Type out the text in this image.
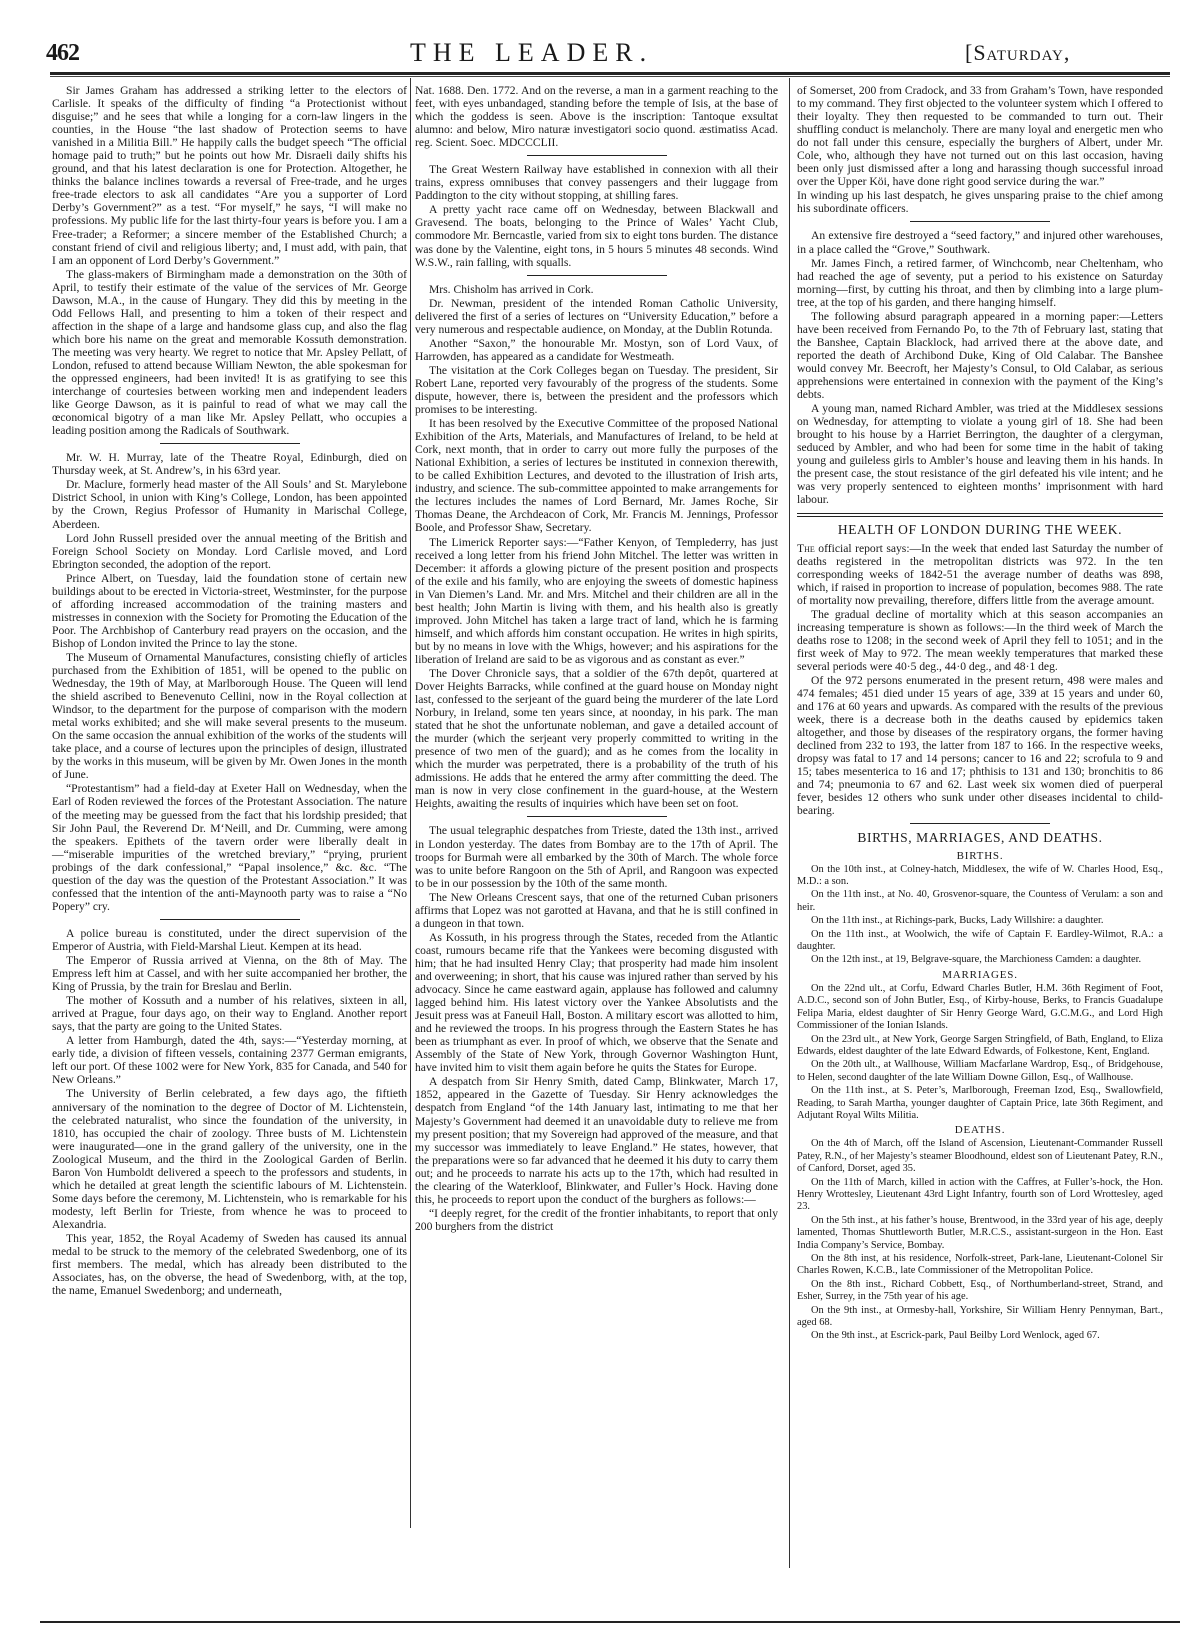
462	THE LEADER.	[Saturday,

Sir James Graham has addressed a striking letter to the electors of Carlisle. It speaks of the difficulty of finding “a Protectionist without disguise;” and he sees that while a longing for a corn-law lingers in the counties, in the House “the last shadow of Protection seems to have vanished in a Militia Bill.” He happily calls the budget speech “The official homage paid to truth;” but he points out how Mr. Disraeli daily shifts his ground, and that his latest declaration is one for Protection. Altogether, he thinks the balance inclines towards a reversal of Free-trade, and he urges free-trade electors to ask all candidates “Are you a supporter of Lord Derby’s Government?” as a test. “For myself,” he says, “I will make no professions. My public life for the last thirty-four years is before you. I am a Free-trader; a Reformer; a sincere member of the Established Church; a constant friend of civil and religious liberty; and, I must add, with pain, that I am an opponent of Lord Derby’s Government.”

The glass-makers of Birmingham made a demonstration on the 30th of April, to testify their estimate of the value of the services of Mr. George Dawson, M.A., in the cause of Hungary. They did this by meeting in the Odd Fellows Hall, and presenting to him a token of their respect and affection in the shape of a large and handsome glass cup, and also the flag which bore his name on the great and memorable Kossuth demonstration. The meeting was very hearty. We regret to notice that Mr. Apsley Pellatt, of London, refused to attend because William Newton, the able spokesman for the oppressed engineers, had been invited! It is as gratifying to see this interchange of courtesies between working men and independent leaders like George Dawson, as it is painful to read of what we may call the œconomical bigotry of a man like Mr. Apsley Pellatt, who occupies a leading position among the Radicals of Southwark.

Mr. W. H. Murray, late of the Theatre Royal, Edinburgh, died on Thursday week, at St. Andrew’s, in his 63rd year.

Dr. Maclure, formerly head master of the All Souls’ and St. Marylebone District School, in union with King’s College, London, has been appointed by the Crown, Regius Professor of Humanity in Marischal College, Aberdeen.

Lord John Russell presided over the annual meeting of the British and Foreign School Society on Monday. Lord Carlisle moved, and Lord Ebrington seconded, the adoption of the report.

Prince Albert, on Tuesday, laid the foundation stone of certain new buildings about to be erected in Victoria-street, Westminster, for the purpose of affording increased accommodation of the training masters and mistresses in connexion with the Society for Promoting the Education of the Poor. The Archbishop of Canterbury read prayers on the occasion, and the Bishop of London invited the Prince to lay the stone.

The Museum of Ornamental Manufactures, consisting chiefly of articles purchased from the Exhibition of 1851, will be opened to the public on Wednesday, the 19th of May, at Marlborough House. The Queen will lend the shield ascribed to Benevenuto Cellini, now in the Royal collection at Windsor, to the department for the purpose of comparison with the modern metal works exhibited; and she will make several presents to the museum. On the same occasion the annual exhibition of the works of the students will take place, and a course of lectures upon the principles of design, illustrated by the works in this museum, will be given by Mr. Owen Jones in the month of June.

“Protestantism” had a field-day at Exeter Hall on Wednesday, when the Earl of Roden reviewed the forces of the Protestant Association. The nature of the meeting may be guessed from the fact that his lordship presided; that Sir John Paul, the Reverend Dr. M‘Neill, and Dr. Cumming, were among the speakers. Epithets of the tavern order were liberally dealt in—“miserable impurities of the wretched breviary,” “prying, prurient probings of the dark confessional,” “Papal insolence,” &c. &c. “The question of the day was the question of the Protestant Association.” It was confessed that the intention of the anti-Maynooth party was to raise a “No Popery” cry.

A police bureau is constituted, under the direct supervision of the Emperor of Austria, with Field-Marshal Lieut. Kempen at its head.

The Emperor of Russia arrived at Vienna, on the 8th of May. The Empress left him at Cassel, and with her suite accompanied her brother, the King of Prussia, by the train for Breslau and Berlin.

The mother of Kossuth and a number of his relatives, sixteen in all, arrived at Prague, four days ago, on their way to England. Another report says, that the party are going to the United States.

A letter from Hamburgh, dated the 4th, says:—“Yesterday morning, at early tide, a division of fifteen vessels, containing 2377 German emigrants, left our port. Of these 1002 were for New York, 835 for Canada, and 540 for New Orleans.”

The University of Berlin celebrated, a few days ago, the fiftieth anniversary of the nomination to the degree of Doctor of M. Lichtenstein, the celebrated naturalist, who since the foundation of the university, in 1810, has occupied the chair of zoology. Three busts of M. Lichtenstein were inaugurated—one in the grand gallery of the university, one in the Zoological Museum, and the third in the Zoological Garden of Berlin. Baron Von Humboldt delivered a speech to the professors and students, in which he detailed at great length the scientific labours of M. Lichtenstein. Some days before the ceremony, M. Lichtenstein, who is remarkable for his modesty, left Berlin for Trieste, from whence he was to proceed to Alexandria.

This year, 1852, the Royal Academy of Sweden has caused its annual medal to be struck to the memory of the celebrated Swedenborg, one of its first members. The medal, which has already been distributed to the Associates, has, on the obverse, the head of Swedenborg, with, at the top, the name, Emanuel Swedenborg; and underneath,

Nat. 1688. Den. 1772. And on the reverse, a man in a garment reaching to the feet, with eyes unbandaged, standing before the temple of Isis, at the base of which the goddess is seen. Above is the inscription: Tantoque exsultat alumno: and below, Miro naturæ investigatori socio quond. æstimatiss Acad. reg. Scient. Soec. MDCCCLII.

The Great Western Railway have established in connexion with all their trains, express omnibuses that convey passengers and their luggage from Paddington to the city without stopping, at shilling fares.

A pretty yacht race came off on Wednesday, between Blackwall and Gravesend. The boats, belonging to the Prince of Wales’ Yacht Club, commodore Mr. Berncastle, varied from six to eight tons burden. The distance was done by the Valentine, eight tons, in 5 hours 5 minutes 48 seconds. Wind W.S.W., rain falling, with squalls.

Mrs. Chisholm has arrived in Cork.

Dr. Newman, president of the intended Roman Catholic University, delivered the first of a series of lectures on “University Education,” before a very numerous and respectable audience, on Monday, at the Dublin Rotunda.

Another “Saxon,” the honourable Mr. Mostyn, son of Lord Vaux, of Harrowden, has appeared as a candidate for Westmeath.

The visitation at the Cork Colleges began on Tuesday. The president, Sir Robert Lane, reported very favourably of the progress of the students. Some dispute, however, there is, between the president and the professors which promises to be interesting.

It has been resolved by the Executive Committee of the proposed National Exhibition of the Arts, Materials, and Manufactures of Ireland, to be held at Cork, next month, that in order to carry out more fully the purposes of the National Exhibition, a series of lectures be instituted in connexion therewith, to be called Exhibition Lectures, and devoted to the illustration of Irish arts, industry, and science. The sub-committee appointed to make arrangements for the lectures includes the names of Lord Bernard, Mr. James Roche, Sir Thomas Deane, the Archdeacon of Cork, Mr. Francis M. Jennings, Professor Boole, and Professor Shaw, Secretary.

The Limerick Reporter says:—“Father Kenyon, of Templederry, has just received a long letter from his friend John Mitchel. The letter was written in December: it affords a glowing picture of the present position and prospects of the exile and his family, who are enjoying the sweets of domestic hapiness in Van Diemen’s Land. Mr. and Mrs. Mitchel and their children are all in the best health; John Martin is living with them, and his health also is greatly improved. John Mitchel has taken a large tract of land, which he is farming himself, and which affords him constant occupation. He writes in high spirits, but by no means in love with the Whigs, however; and his aspirations for the liberation of Ireland are said to be as vigorous and as constant as ever.”

The Dover Chronicle says, that a soldier of the 67th depôt, quartered at Dover Heights Barracks, while confined at the guard house on Monday night last, confessed to the serjeant of the guard being the murderer of the late Lord Norbury, in Ireland, some ten years since, at noonday, in his park. The man stated that he shot the unfortunate nobleman, and gave a detailed account of the murder (which the serjeant very properly committed to writing in the presence of two men of the guard); and as he comes from the locality in which the murder was perpetrated, there is a probability of the truth of his admissions. He adds that he entered the army after committing the deed. The man is now in very close confinement in the guard-house, at the Western Heights, awaiting the results of inquiries which have been set on foot.

The usual telegraphic despatches from Trieste, dated the 13th inst., arrived in London yesterday. The dates from Bombay are to the 17th of April. The troops for Burmah were all embarked by the 30th of March. The whole force was to unite before Rangoon on the 5th of April, and Rangoon was expected to be in our possession by the 10th of the same month.

The New Orleans Crescent says, that one of the returned Cuban prisoners affirms that Lopez was not garotted at Havana, and that he is still confined in a dungeon in that town.

As Kossuth, in his progress through the States, receded from the Atlantic coast, rumours became rife that the Yankees were becoming disgusted with him; that he had insulted Henry Clay; that prosperity had made him insolent and overweening; in short, that his cause was injured rather than served by his advocacy. Since he came eastward again, applause has followed and calumny lagged behind him. His latest victory over the Yankee Absolutists and the Jesuit press was at Faneuil Hall, Boston. A military escort was allotted to him, and he reviewed the troops. In his progress through the Eastern States he has been as triumphant as ever. In proof of which, we observe that the Senate and Assembly of the State of New York, through Governor Washington Hunt, have invited him to visit them again before he quits the States for Europe.

A despatch from Sir Henry Smith, dated Camp, Blinkwater, March 17, 1852, appeared in the Gazette of Tuesday. Sir Henry acknowledges the despatch from England “of the 14th January last, intimating to me that her Majesty’s Government had deemed it an unavoidable duty to relieve me from my present position; that my Sovereign had approved of the measure, and that my successor was immediately to leave England.” He states, however, that the preparations were so far advanced that he deemed it his duty to carry them out; and he proceeds to narrate his acts up to the 17th, which had resulted in the clearing of the Waterkloof, Blinkwater, and Fuller’s Hock. Having done this, he proceeds to report upon the conduct of the burghers as follows:—

“I deeply regret, for the credit of the frontier inhabitants, to report that only 200 burghers from the district

of Somerset, 200 from Cradock, and 33 from Graham’s Town, have responded to my command. They first objected to the volunteer system which I offered to their loyalty. They then requested to be commanded to turn out. Their shuffling conduct is melancholy. There are many loyal and energetic men who do not fall under this censure, especially the burghers of Albert, under Mr. Cole, who, although they have not turned out on this last occasion, having been only just dismissed after a long and harassing though successful inroad over the Upper Köi, have done right good service during the war.”

In winding up his last despatch, he gives unsparing praise to the chief among his subordinate officers.

An extensive fire destroyed a “seed factory,” and injured other warehouses, in a place called the “Grove,” Southwark.

Mr. James Finch, a retired farmer, of Winchcomb, near Cheltenham, who had reached the age of seventy, put a period to his existence on Saturday morning—first, by cutting his throat, and then by climbing into a large plum-tree, at the top of his garden, and there hanging himself.

The following absurd paragraph appeared in a morning paper:—Letters have been received from Fernando Po, to the 7th of February last, stating that the Banshee, Captain Blacklock, had arrived there at the above date, and reported the death of Archibond Duke, King of Old Calabar. The Banshee would convey Mr. Beecroft, her Majesty’s Consul, to Old Calabar, as serious apprehensions were entertained in connexion with the payment of the King’s debts.

A young man, named Richard Ambler, was tried at the Middlesex sessions on Wednesday, for attempting to violate a young girl of 18. She had been brought to his house by a Harriet Berrington, the daughter of a clergyman, seduced by Ambler, and who had been for some time in the habit of taking young and guileless girls to Ambler’s house and leaving them in his hands. In the present case, the stout resistance of the girl defeated his vile intent; and he was very properly sentenced to eighteen months’ imprisonment with hard labour.

HEALTH OF LONDON DURING THE WEEK.

The official report says:—In the week that ended last Saturday the number of deaths registered in the metropolitan districts was 972. In the ten corresponding weeks of 1842-51 the average number of deaths was 898, which, if raised in proportion to increase of population, becomes 988. The rate of mortality now prevailing, therefore, differs little from the average amount.

The gradual decline of mortality which at this season accompanies an increasing temperature is shown as follows:—In the third week of March the deaths rose to 1208; in the second week of April they fell to 1051; and in the first week of May to 972. The mean weekly temperatures that marked these several periods were 40·5 deg., 44·0 deg., and 48·1 deg.

Of the 972 persons enumerated in the present return, 498 were males and 474 females; 451 died under 15 years of age, 339 at 15 years and under 60, and 176 at 60 years and upwards. As compared with the results of the previous week, there is a decrease both in the deaths caused by epidemics taken altogether, and those by diseases of the respiratory organs, the former having declined from 232 to 193, the latter from 187 to 166. In the respective weeks, dropsy was fatal to 17 and 14 persons; cancer to 16 and 22; scrofula to 9 and 15; tabes mesenterica to 16 and 17; phthisis to 131 and 130; bronchitis to 86 and 74; pneumonia to 67 and 62. Last week six women died of puerperal fever, besides 12 others who sunk under other diseases incidental to child-bearing.

BIRTHS, MARRIAGES, AND DEATHS.
BIRTHS.

On the 10th inst., at Colney-hatch, Middlesex, the wife of W. Charles Hood, Esq., M.D.: a son.

On the 11th inst., at No. 40, Grosvenor-square, the Countess of Verulam: a son and heir.

On the 11th inst., at Richings-park, Bucks, Lady Willshire: a daughter.

On the 11th inst., at Woolwich, the wife of Captain F. Eardley-Wilmot, R.A.: a daughter.

On the 12th inst., at 19, Belgrave-square, the Marchioness Camden: a daughter.

MARRIAGES.

On the 22nd ult., at Corfu, Edward Charles Butler, H.M. 36th Regiment of Foot, A.D.C., second son of John Butler, Esq., of Kirby-house, Berks, to Francis Guadalupe Felipa Maria, eldest daughter of Sir Henry George Ward, G.C.M.G., and Lord High Commissioner of the Ionian Islands.

On the 23rd ult., at New York, George Sargen Stringfield, of Bath, England, to Eliza Edwards, eldest daughter of the late Edward Edwards, of Folkestone, Kent, England.

On the 20th ult., at Wallhouse, William Macfarlane Wardrop, Esq., of Bridgehouse, to Helen, second daughter of the late William Downe Gillon, Esq., of Wallhouse.

On the 11th inst., at S. Peter’s, Marlborough, Freeman Izod, Esq., Swallowfield, Reading, to Sarah Martha, younger daughter of Captain Price, late 36th Regiment, and Adjutant Royal Wilts Militia.

DEATHS.

On the 4th of March, off the Island of Ascension, Lieutenant-Commander Russell Patey, R.N., of her Majesty’s steamer Bloodhound, eldest son of Lieutenant Patey, R.N., of Canford, Dorset, aged 35.

On the 11th of March, killed in action with the Caffres, at Fuller’s-hock, the Hon. Henry Wrottesley, Lieutenant 43rd Light Infantry, fourth son of Lord Wrottesley, aged 23.

On the 5th inst., at his father’s house, Brentwood, in the 33rd year of his age, deeply lamented, Thomas Shuttleworth Butler, M.R.C.S., assistant-surgeon in the Hon. East India Company’s Service, Bombay.

On the 8th inst, at his residence, Norfolk-street, Park-lane, Lieutenant-Colonel Sir Charles Rowen, K.C.B., late Commissioner of the Metropolitan Police.

On the 8th inst., Richard Cobbett, Esq., of Northumberland-street, Strand, and Esher, Surrey, in the 75th year of his age.

On the 9th inst., at Ormesby-hall, Yorkshire, Sir William Henry Pennyman, Bart., aged 68.

On the 9th inst., at Escrick-park, Paul Beilby Lord Wenlock, aged 67.
